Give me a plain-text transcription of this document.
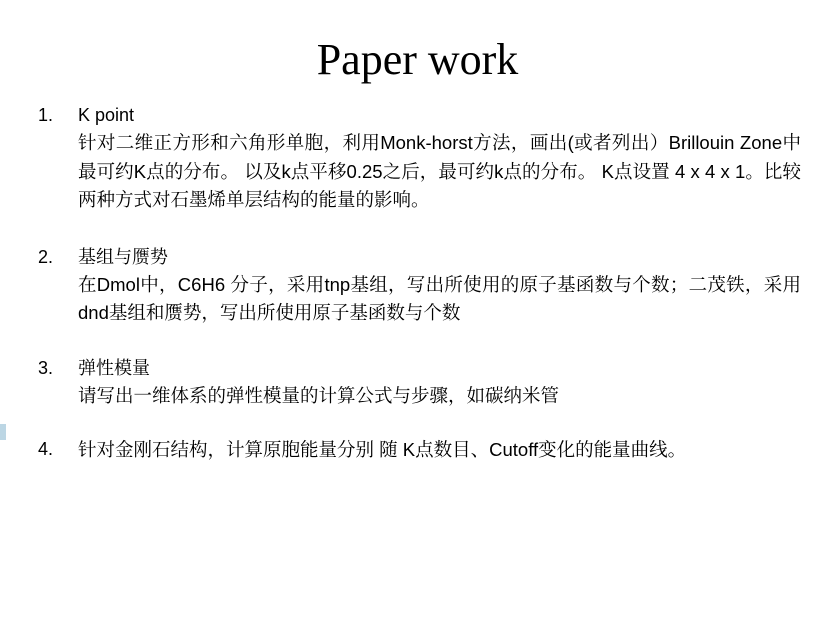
Paper work
1.	K point
针对二维正方形和六角形单胞，利用Monk-horst方法，画出(或者列出）Brillouin Zone中最可约K点的分布。 以及k点平移0.25之后，最可约k点的分布。 K点设置 4 x 4 x 1。比较两种方式对石墨烯单层结构的能量的影响。
2.	基组与赝势
在Dmol中，C6H6 分子，采用tnp基组，写出所使用的原子基函数与个数；二茂铁，采用dnd基组和赝势，写出所使用原子基函数与个数
3.	弹性模量
请写出一维体系的弹性模量的计算公式与步骤，如碳纳米管
4.	针对金刚石结构，计算原胞能量分别 随 K点数目、Cutoff变化的能量曲线。
